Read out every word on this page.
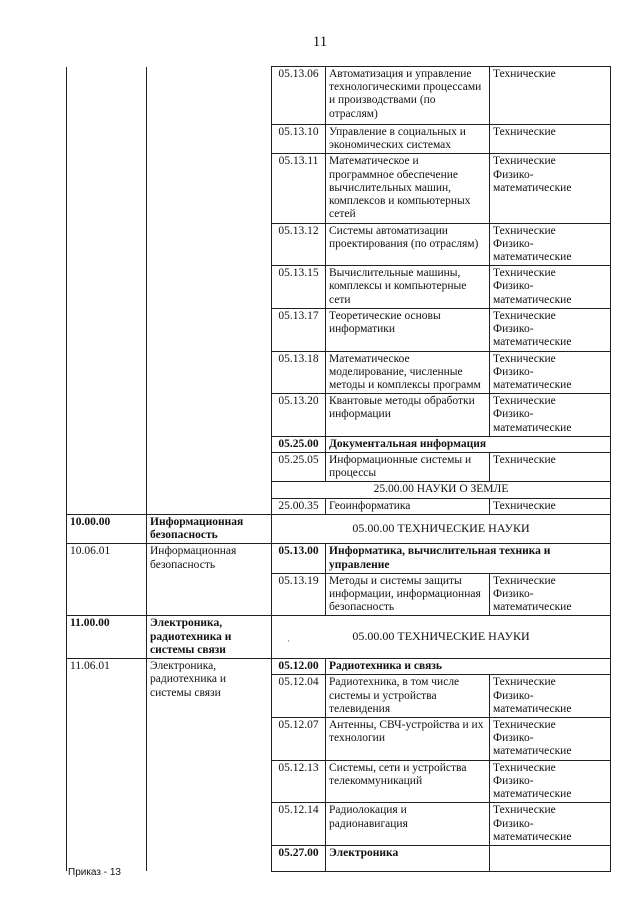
11
		05.13.06	Автоматизация и управление технологическими процессами и производствами (по отраслям)	Технические

		05.13.10	Управление в социальных и экономических системах	Технические

		05.13.11	Математическое и программное обеспечение вычислительных машин, комплексов и компьютерных сетей	Технические
Физико-математические

		05.13.12	Системы автоматизации проектирования (по отраслям)	Технические
Физико-математические

		05.13.15	Вычислительные машины, комплексы и компьютерные сети	Технические
Физико-математические

		05.13.17	Теоретические основы информатики	Технические
Физико-математические

		05.13.18	Математическое моделирование, численные методы и комплексы программ	Технические
Физико-математические

		05.13.20	Квантовые методы обработки информации	Технические
Физико-математические

		05.25.00	Документальная информация	
		05.25.05	Информационные системы и процессы	Технические

		25.00.00 НАУКИ О ЗЕМЛЕ		
		25.00.35	Геоинформатика	Технические

10.00.00	Информационная безопасность	05.00.00 ТЕХНИЧЕСКИЕ НАУКИ		
10.06.01	Информационная безопасность	05.13.00	Информатика, вычислительная техника и управление	
		05.13.19	Методы и системы защиты информации, информационная безопасность	Технические
Физико-математические

11.00.00	Электроника, радиотехника и системы связи	05.00.00 ТЕХНИЧЕСКИЕ НАУКИ		
11.06.01	Электроника, радиотехника и системы связи	05.12.00	Радиотехника и связь	
		05.12.04	Радиотехника, в том числе системы и устройства телевидения	Технические
Физико-математические

		05.12.07	Антенны, СВЧ-устройства и их технологии	Технические
Физико-математические

		05.12.13	Системы, сети и устройства телекоммуникаций	Технические
Физико-математические

		05.12.14	Радиолокация и радионавигация	Технические
Физико-математические

		05.27.00	Электроника	
·
Приказ - 13
